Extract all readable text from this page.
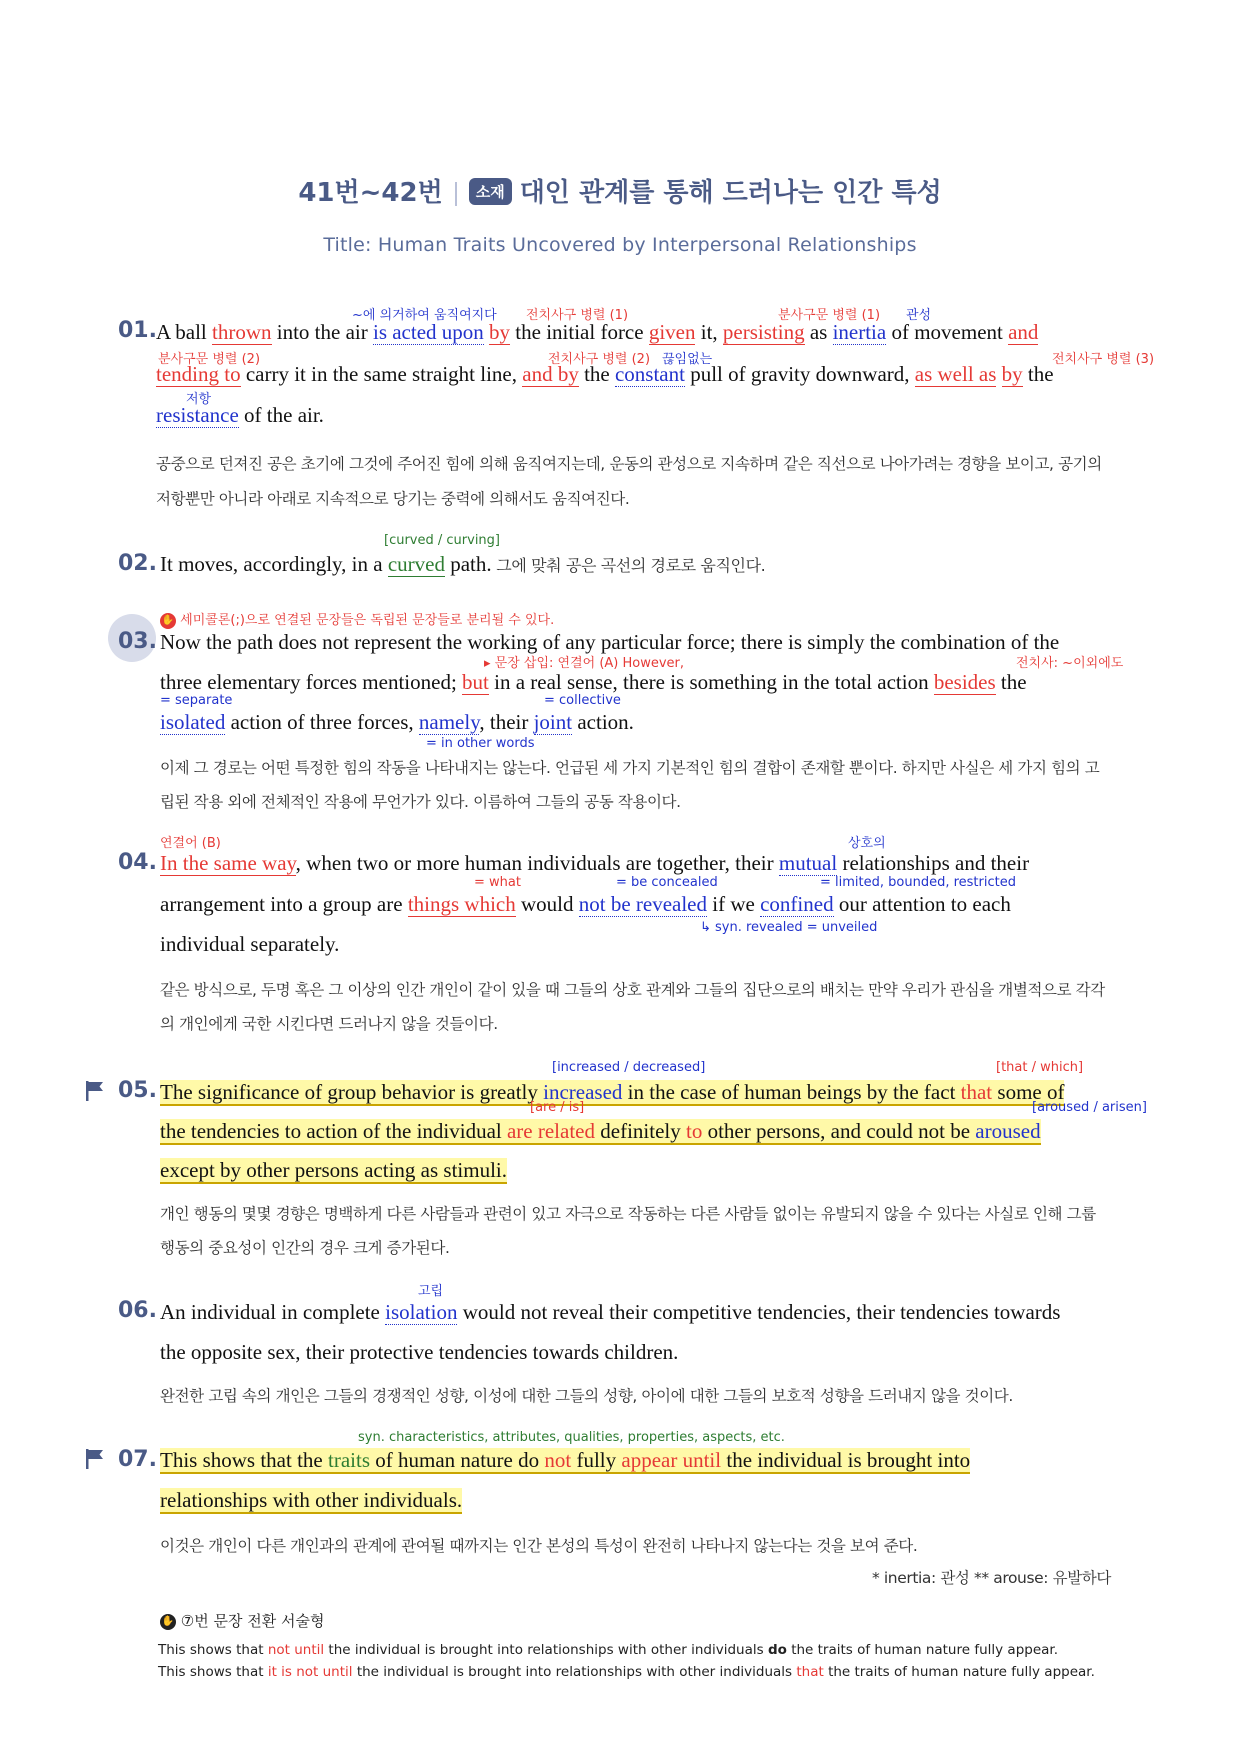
41번~42번 소재 대인 관계를 통해 드러나는 인간 특성
Title: Human Traits Uncovered by Interpersonal Relationships
01.
~에 의거하여 움직여지다 전치사구 병렬 (1)	분사구문 병렬 (1) 관성
A ball thrown into the air is acted upon by the initial force given it, persisting as inertia of movement and
분사구문 병렬 (2)	전치사구 병렬 (2) 끊임없는	전치사구 병렬 (3)
tending to carry it in the same straight line, and by the constant pull of gravity downward, as well as by the
저항
resistance of the air.
공중으로 던져진 공은 초기에 그것에 주어진 힘에 의해 움직여지는데, 운동의 관성으로 지속하며 같은 직선으로 나아가려는 경향을 보이고, 공기의
저항뿐만 아니라 아래로 지속적으로 당기는 중력에 의해서도 움직여진다.
[curved / curving]
02. It moves, accordingly, in a curved path. 그에 맞춰 공은 곡선의 경로로 움직인다.
✋ 세미콜론(;)으로 연결된 문장들은 독립된 문장들로 분리될 수 있다.
03. Now the path does not represent the working of any particular force; there is simply the combination of the
▸ 문장 삽입: 연결어 (A) However,	전치사: ~이외에도
three elementary forces mentioned; but in a real sense, there is something in the total action besides the
= separate	= collective
isolated action of three forces, namely, their joint action.
= in other words
이제 그 경로는 어떤 특정한 힘의 작동을 나타내지는 않는다. 언급된 세 가지 기본적인 힘의 결합이 존재할 뿐이다. 하지만 사실은 세 가지 힘의 고
립된 작용 외에 전체적인 작용에 무언가가 있다. 이름하여 그들의 공동 작용이다.
연결어 (B)	상호의
04. In the same way, when two or more human individuals are together, their mutual relationships and their
= what	= be concealed	= limited, bounded, restricted
arrangement into a group are things which would not be revealed if we confined our attention to each
↳ syn. revealed = unveiled
individual separately.
같은 방식으로, 두명 혹은 그 이상의 인간 개인이 같이 있을 때 그들의 상호 관계와 그들의 집단으로의 배치는 만약 우리가 관심을 개별적으로 각각
의 개인에게 국한 시킨다면 드러나지 않을 것들이다.
[increased / decreased]	[that / which]
05. The significance of group behavior is greatly increased in the case of human beings by the fact that some of
[are / is]	[aroused / arisen]
the tendencies to action of the individual are related definitely to other persons, and could not be aroused
except by other persons acting as stimuli.
개인 행동의 몇몇 경향은 명백하게 다른 사람들과 관련이 있고 자극으로 작동하는 다른 사람들 없이는 유발되지 않을 수 있다는 사실로 인해 그룹
행동의 중요성이 인간의 경우 크게 증가된다.
고립
06. An individual in complete isolation would not reveal their competitive tendencies, their tendencies towards
the opposite sex, their protective tendencies towards children.
완전한 고립 속의 개인은 그들의 경쟁적인 성향, 이성에 대한 그들의 성향, 아이에 대한 그들의 보호적 성향을 드러내지 않을 것이다.
syn. characteristics, attributes, qualities, properties, aspects, etc.
07. This shows that the traits of human nature do not fully appear until the individual is brought into
relationships with other individuals.
이것은 개인이 다른 개인과의 관계에 관여될 때까지는 인간 본성의 특성이 완전히 나타나지 않는다는 것을 보여 준다.
* inertia: 관성 ** arouse: 유발하다
✋ ⑦번 문장 전환 서술형
This shows that not until the individual is brought into relationships with other individuals do the traits of human nature fully appear.
This shows that it is not until the individual is brought into relationships with other individuals that the traits of human nature fully appear.
